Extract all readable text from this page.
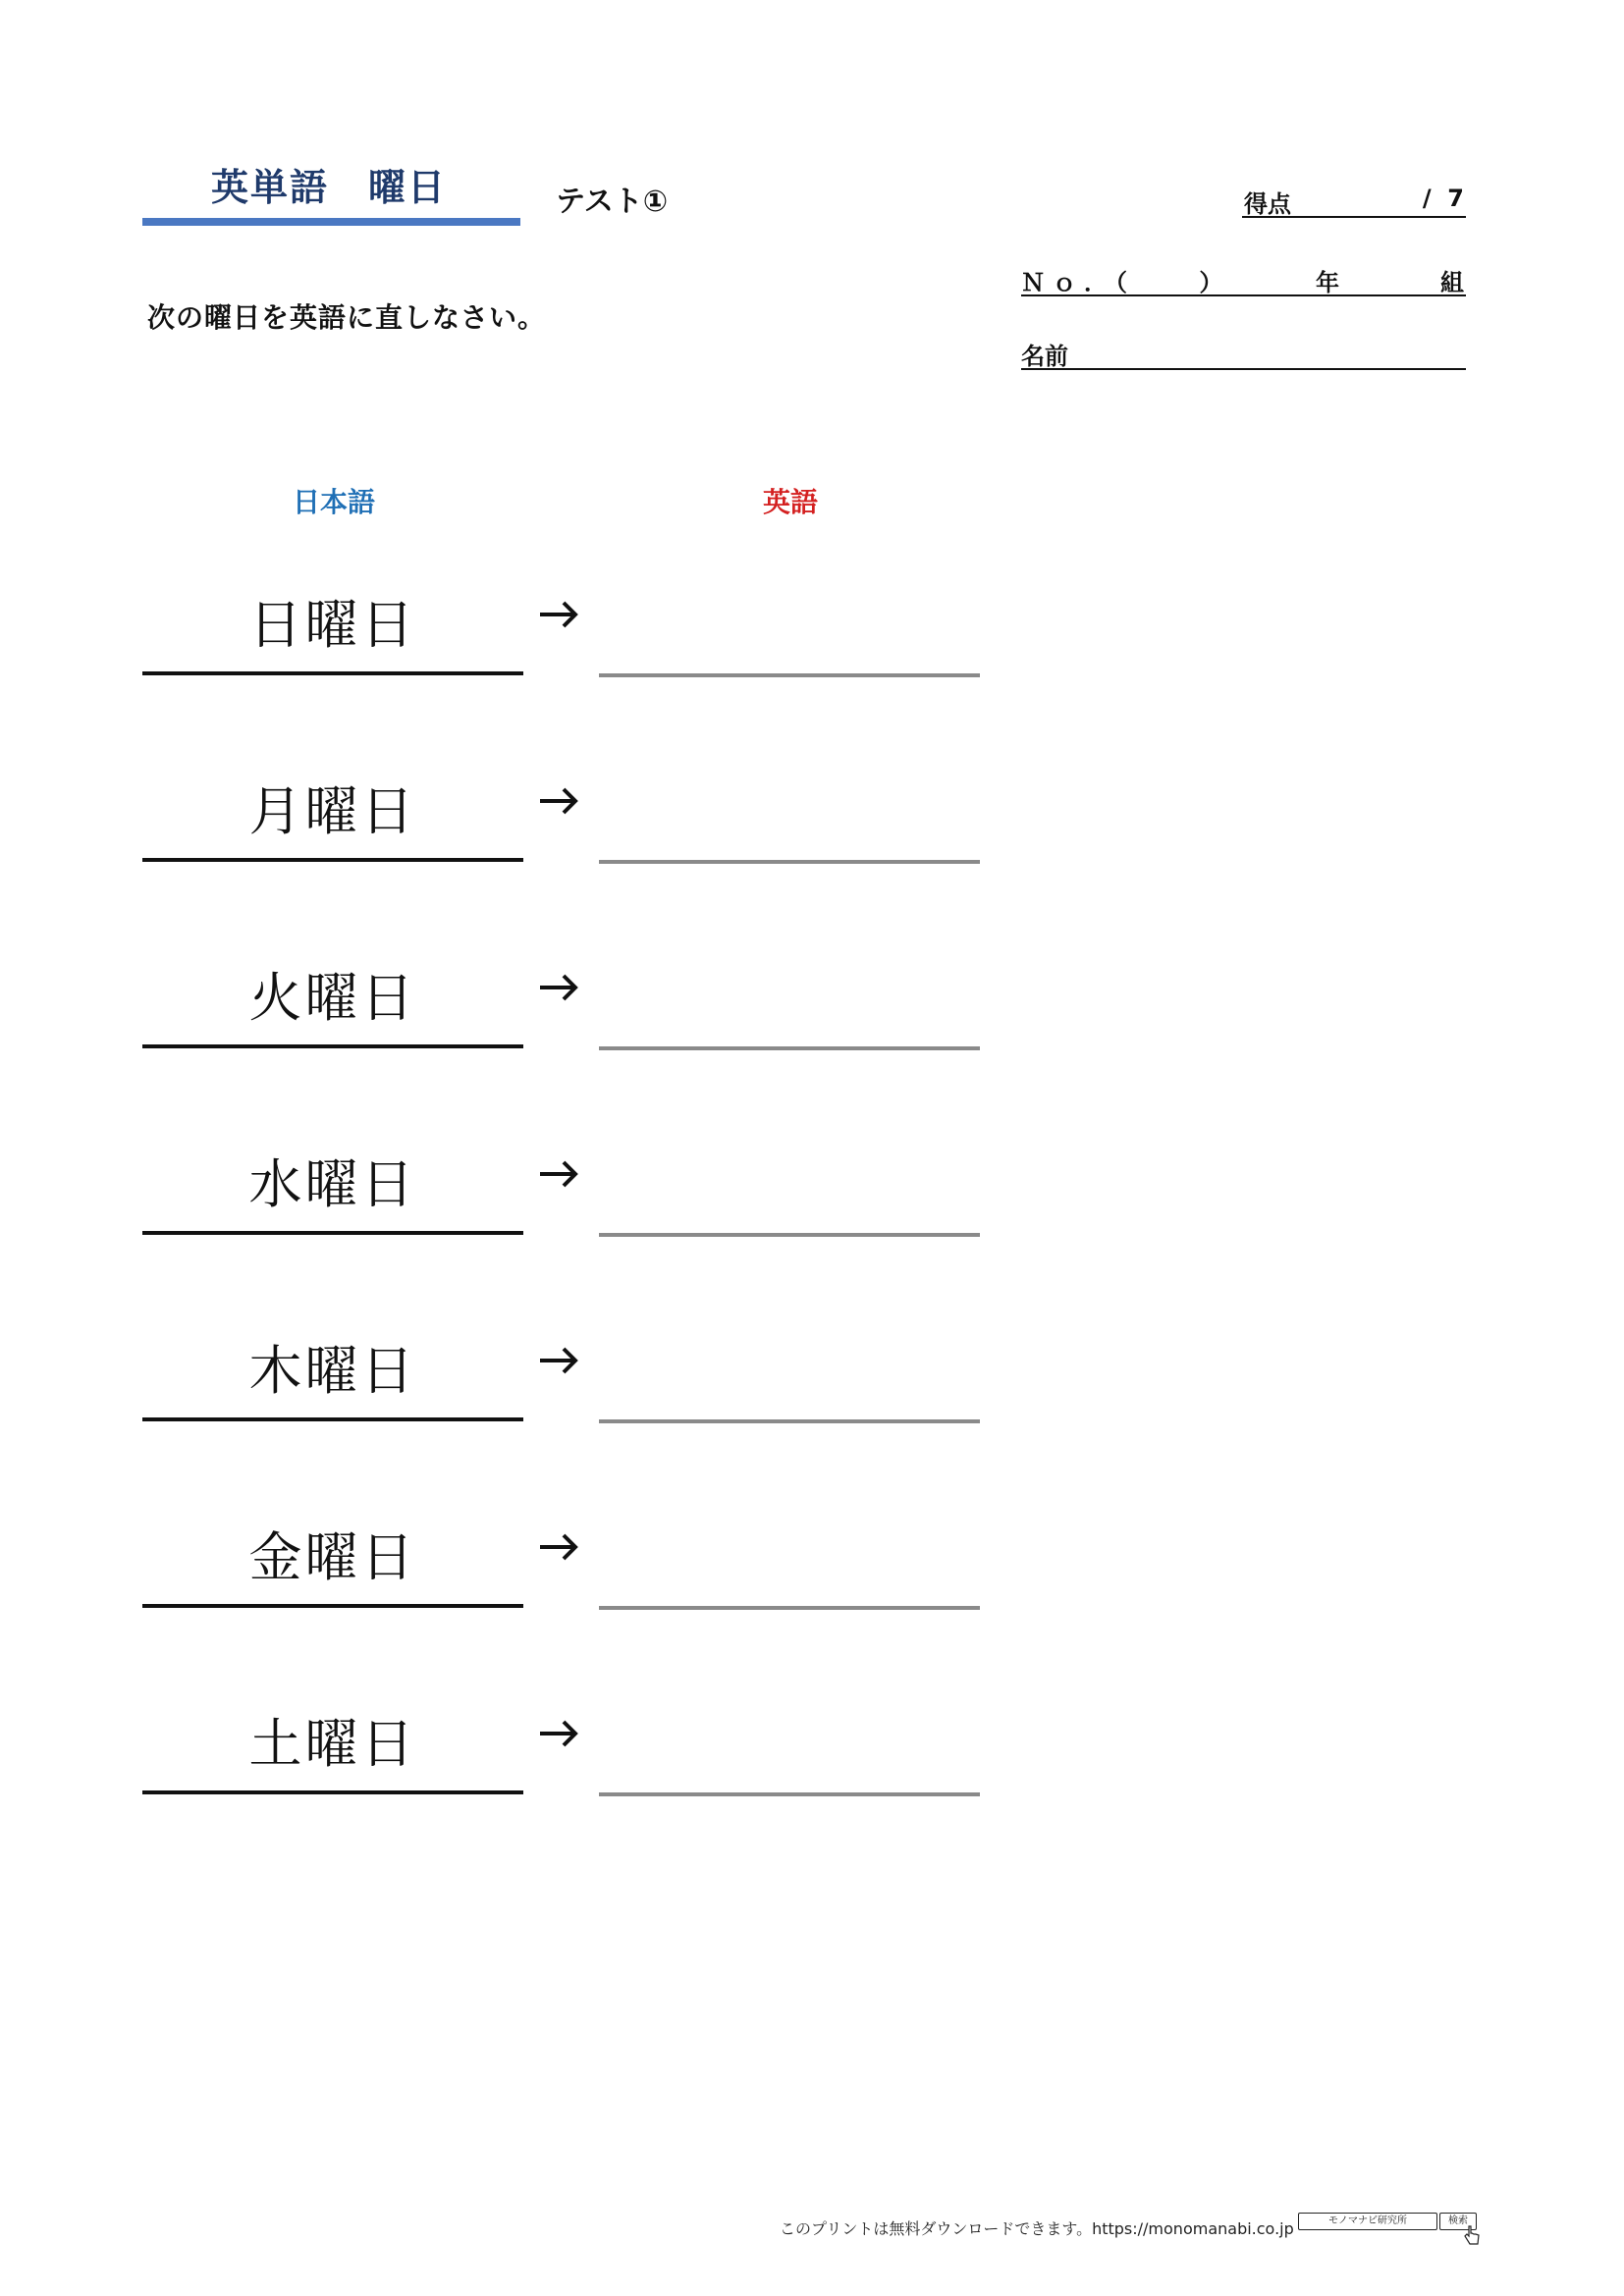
英単語　曜日	テスト①	得点	/  7
Ｎｏ．（    ）	年	組
名前
次の曜日を英語に直しなさい。
日本語	英語
日曜日
月曜日
火曜日
水曜日
木曜日
金曜日
土曜日
このプリントは無料ダウンロードできます。https://monomanabi.co.jp	モノマナビ研究所	検索
